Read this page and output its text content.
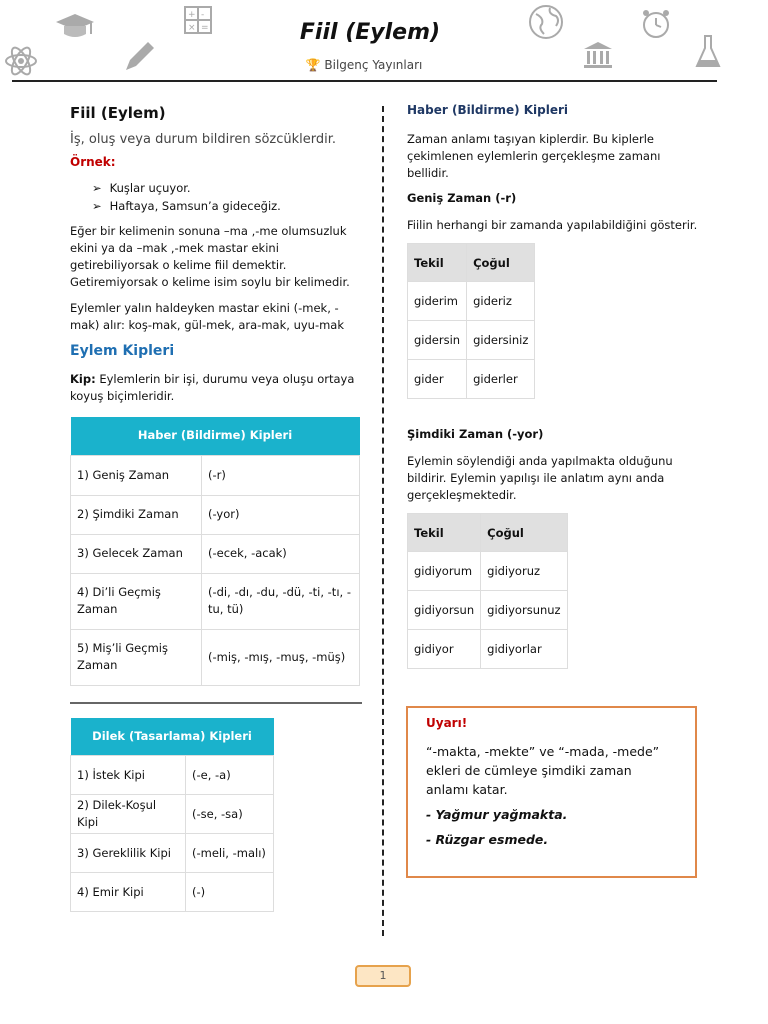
+ -
× =	Fiil (Eylem)
🏆 Bilgenç Yayınları
Fiil (Eylem)
İş, oluş veya durum bildiren sözcüklerdir.
Örnek:
➢ Kuşlar uçuyor.
➢ Haftaya, Samsun’a gideceğiz.
Eğer bir kelimenin sonuna –ma ,-me olumsuzluk ekini ya da –mak ,-mek mastar ekini getirebiliyorsak o kelime fiil demektir. Getiremiyorsak o kelime isim soylu bir kelimedir.
Eylemler yalın haldeyken mastar ekini (-mek, -mak) alır: koş-mak, gül-mek, ara-mak, uyu-mak
Eylem Kipleri
Kip: Eylemlerin bir işi, durumu veya oluşu ortaya koyuş biçimleridir.
Haber (Bildirme) Kipleri	
1) Geniş Zaman	(-r)
2) Şimdiki Zaman	(-yor)
3) Gelecek Zaman	(-ecek, -acak)
4) Di’li Geçmiş Zaman	(-di, -dı, -du, -dü, -ti, -tı, -tu, tü)
5) Miş’li Geçmiş Zaman	(-miş, -mış, -muş, -müş)
Dilek (Tasarlama) Kipleri	
1) İstek Kipi	(-e, -a)
2) Dilek-Koşul Kipi	(-se, -sa)
3) Gereklilik Kipi	(-meli, -malı)
4) Emir Kipi	(-)
Haber (Bildirme) Kipleri
Zaman anlamı taşıyan kiplerdir. Bu kiplerle çekimlenen eylemlerin gerçekleşme zamanı bellidir.
Geniş Zaman (-r)
Fiilin herhangi bir zamanda yapılabildiğini gösterir.
Tekil	Çoğul
giderim	gideriz
gidersin	gidersiniz
gider	giderler
Şimdiki Zaman (-yor)
Eylemin söylendiği anda yapılmakta olduğunu bildirir. Eylemin yapılışı ile anlatım aynı anda gerçekleşmektedir.
Tekil	Çoğul
gidiyorum	gidiyoruz
gidiyorsun	gidiyorsunuz
gidiyor	gidiyorlar
Uyarı!
“-makta, -mekte” ve “-mada, -mede” ekleri de cümleye şimdiki zaman anlamı katar.
- Yağmur yağmakta.
- Rüzgar esmede.
1
